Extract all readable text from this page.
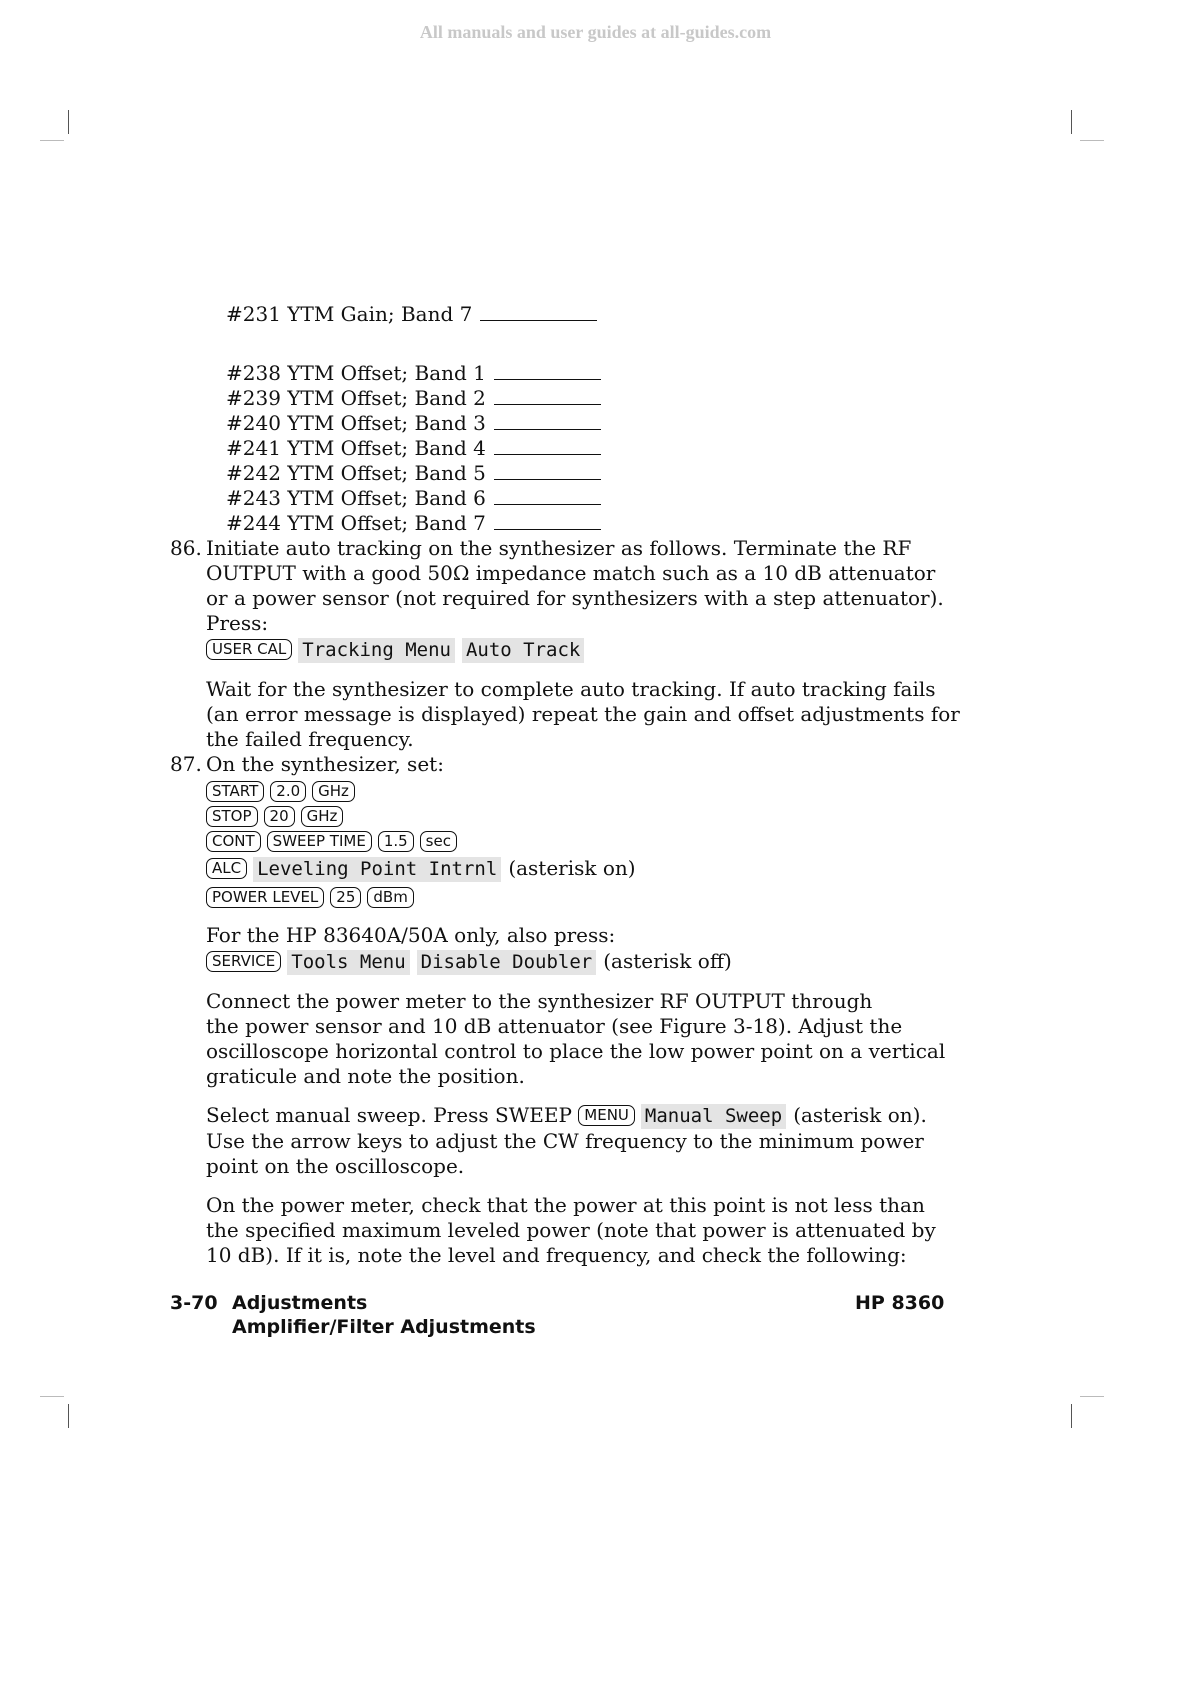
All manuals and user guides at all-guides.com
#231 YTM Gain; Band 7
#238 YTM Offset; Band 1
#239 YTM Offset; Band 2
#240 YTM Offset; Band 3
#241 YTM Offset; Band 4
#242 YTM Offset; Band 5
#243 YTM Offset; Band 6
#244 YTM Offset; Band 7
86. Initiate auto tracking on the synthesizer as follows. Terminate the RF
OUTPUT with a good 50Ω impedance match such as a 10 dB attenuator
or a power sensor (not required for synthesizers with a step attenuator).
Press:
USER CAL Tracking Menu Auto Track
Wait for the synthesizer to complete auto tracking. If auto tracking fails
(an error message is displayed) repeat the gain and offset adjustments for
the failed frequency.
87. On the synthesizer, set:
START 2.0 GHz
STOP 20 GHz
CONT SWEEP TIME 1.5 sec
ALC Leveling Point Intrnl (asterisk on)
POWER LEVEL 25 dBm
For the HP 83640A/50A only, also press:
SERVICE Tools Menu Disable Doubler (asterisk off)
Connect the power meter to the synthesizer RF OUTPUT through
the power sensor and 10 dB attenuator (see Figure 3-18). Adjust the
oscilloscope horizontal control to place the low power point on a vertical
graticule and note the position.
Select manual sweep. Press SWEEP MENU Manual Sweep (asterisk on).
Use the arrow keys to adjust the CW frequency to the minimum power
point on the oscilloscope.
On the power meter, check that the power at this point is not less than
the specified maximum leveled power (note that power is attenuated by
10 dB). If it is, note the level and frequency, and check the following:
3-70 Adjustments
Amplifier/Filter Adjustments
HP 8360
